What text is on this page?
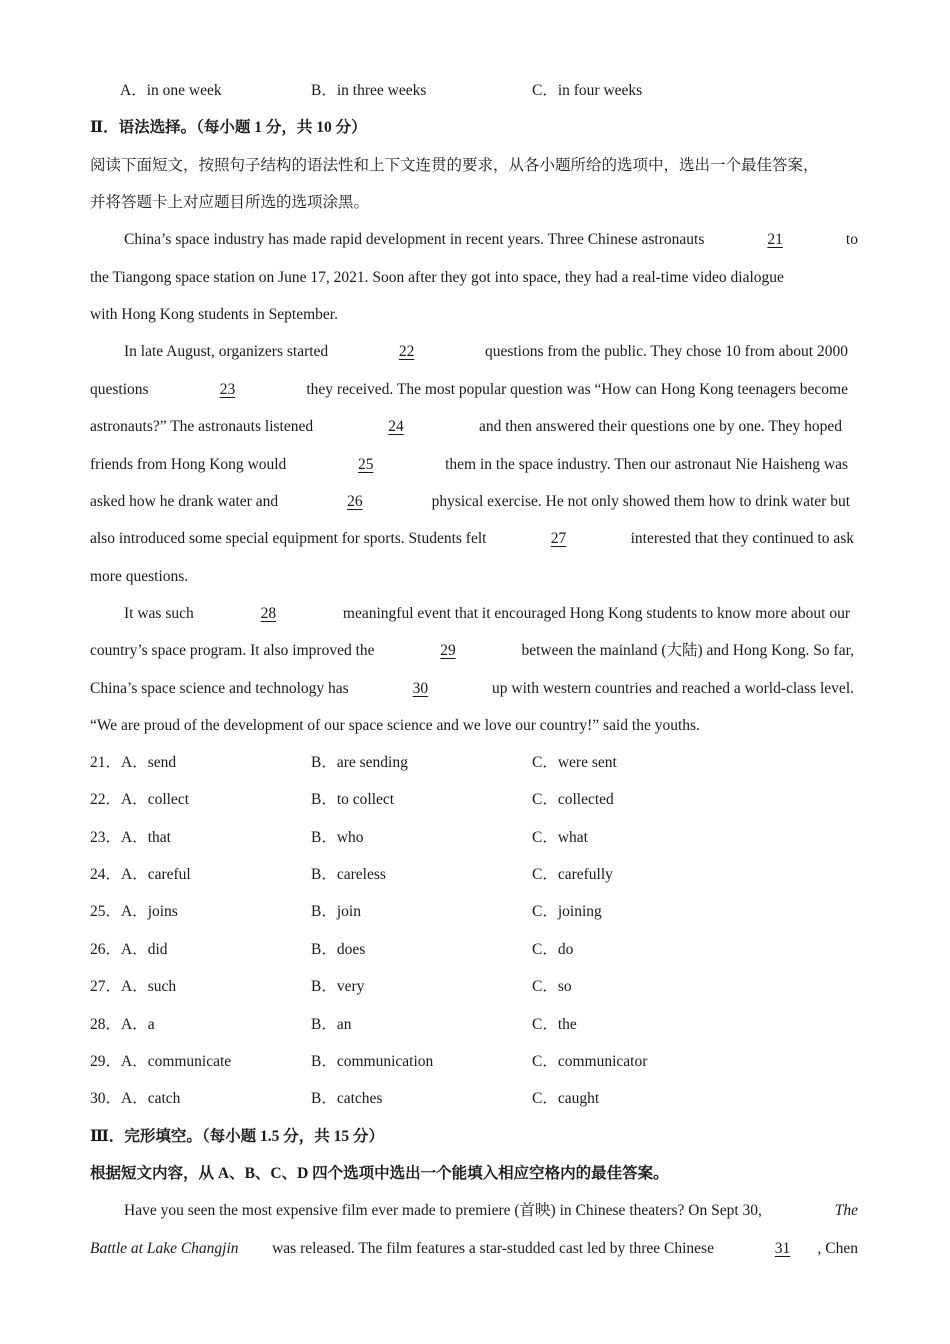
A．in one week	B．in three weeks	C．in four weeks
Ⅱ．语法选择。（每小题 1 分，共 10 分）
阅读下面短文，按照句子结构的语法性和上下文连贯的要求，从各小题所给的选项中，选出一个最佳答案，
并将答题卡上对应题目所选的选项涂黑。
China’s space industry has made rapid development in recent years. Three Chinese astronauts	21	to
the Tiangong space station on June 17, 2021. Soon after they got into space, they had a real-time video dialogue
with Hong Kong students in September.
In late August, organizers started	22	questions from the public. They chose 10 from about 2000
questions	23	they received. The most popular question was “How can Hong Kong teenagers become
astronauts?” The astronauts listened	24	and then answered their questions one by one. They hoped
friends from Hong Kong would	25	them in the space industry. Then our astronaut Nie Haisheng was
asked how he drank water and	26	physical exercise. He not only showed them how to drink water but
also introduced some special equipment for sports. Students felt	27	interested that they continued to ask
more questions.
It was such	28	meaningful event that it encouraged Hong Kong students to know more about our
country’s space program. It also improved the	29	between the mainland (大陆) and Hong Kong. So far,
China’s space science and technology has	30	up with western countries and reached a world-class level.
“We are proud of the development of our space science and we love our country!” said the youths.
21．A．send	B．are sending	C．were sent
22．A．collect	B．to collect	C．collected
23．A．that	B．who	C．what
24．A．careful	B．careless	C．carefully
25．A．joins	B．join	C．joining
26．A．did	B．does	C．do
27．A．such	B．very	C．so
28．A．a	B．an	C．the
29．A．communicate	B．communication	C．communicator
30．A．catch	B．catches	C．caught
Ⅲ．完形填空。（每小题 1.5 分，共 15 分）
根据短文内容，从 A、B、C、D 四个选项中选出一个能填入相应空格内的最佳答案。
Have you seen the most expensive film ever made to premiere (首映) in Chinese theaters? On Sept 30,	The
Battle at Lake Changjin was released. The film features a star-studded cast led by three Chinese	31 , Chen
